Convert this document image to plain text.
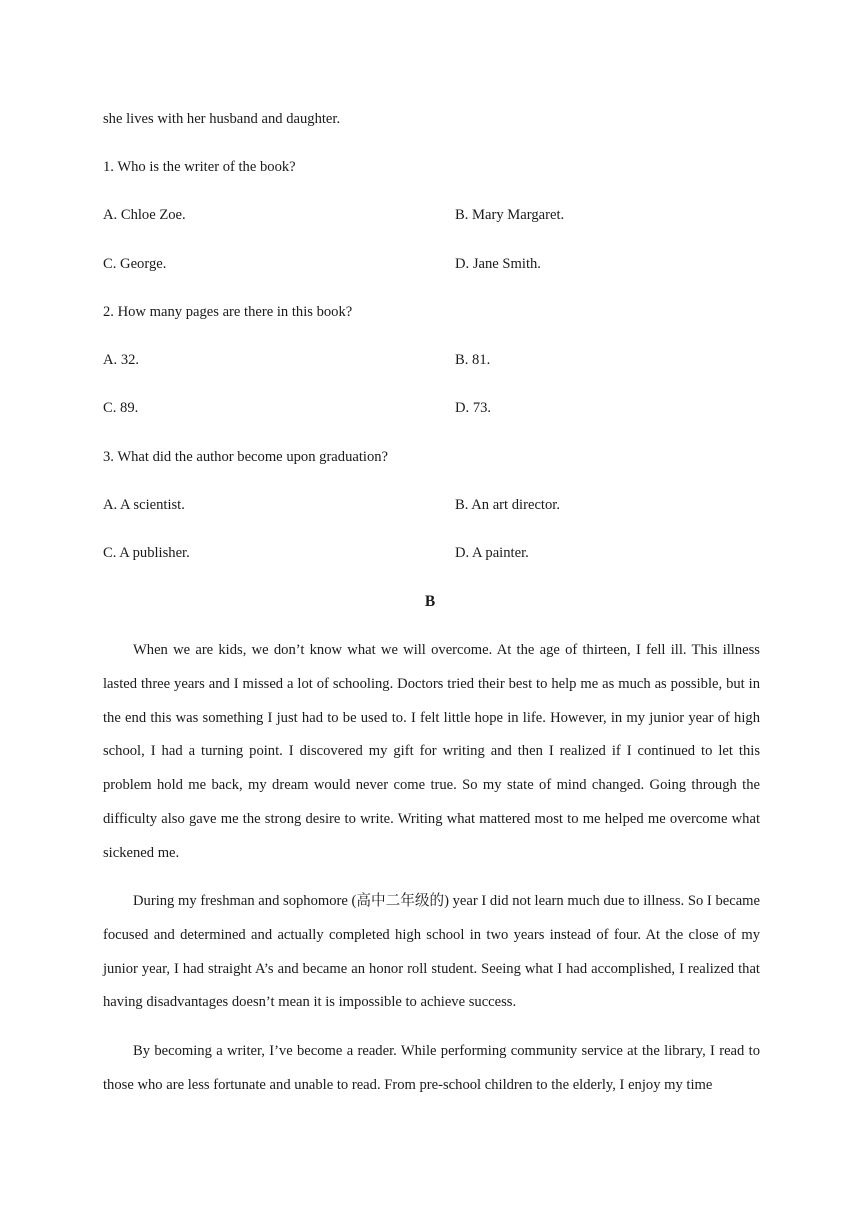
she lives with her husband and daughter.
1. Who is the writer of the book?
A. Chloe Zoe.	B. Mary Margaret.
C. George.	D. Jane Smith.
2. How many pages are there in this book?
A. 32.	B. 81.
C. 89.	D. 73.
3. What did the author become upon graduation?
A. A scientist.	B. An art director.
C. A publisher.	D. A painter.
B

When we are kids, we don’t know what we will overcome. At the age of thirteen, I fell ill. This illness lasted three years and I missed a lot of schooling. Doctors tried their best to help me as much as possible, but in the end this was something I just had to be used to. I felt little hope in life. However, in my junior year of high school, I had a turning point. I discovered my gift for writing and then I realized if I continued to let this problem hold me back, my dream would never come true. So my state of mind changed. Going through the difficulty also gave me the strong desire to write. Writing what mattered most to me helped me overcome what sickened me.

During my freshman and sophomore (高中二年级的) year I did not learn much due to illness. So I became focused and determined and actually completed high school in two years instead of four. At the close of my junior year, I had straight A’s and became an honor roll student. Seeing what I had accomplished, I realized that having disadvantages doesn’t mean it is impossible to achieve success.

By becoming a writer, I’ve become a reader. While performing community service at the library, I read to those who are less fortunate and unable to read. From pre-school children to the elderly, I enjoy my time
